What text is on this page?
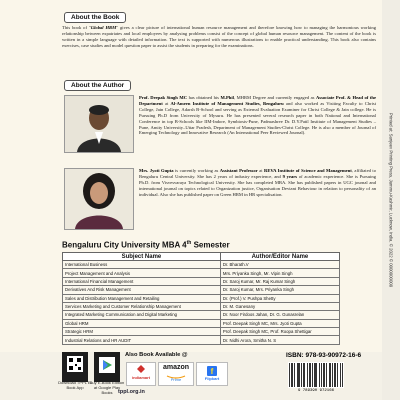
About the Book
This book of "Global HRM" gives a clear picture of international human resource management and therefore knowing how to managing the harmonious working relationship between expatriates and local employees by analysing problems consist of the concept of global human resource management. The content of the book is written in a simple language with detailed information. The text is supported with numerous illustrations to enable practical understanding. This book also contains exercises, case studies and model question paper to assist the students in preparing for the examinations.
About the Author
Prof. Deepak Singh MC has obtained his M.Phil, MHRM Degree and currently engaged as Associate Prof. & Head of the Department at Al-Ameen Institute of Management Studies, Bengaluru and also worked as Visiting Faculty to Christ College, Jain College, Adarsh B-School and serving as External Evaluation Examiner for Christ College & Jain college. He is Pursuing Ph.D from University of Mysuru. He has presented several research paper in both National and International Conference in top B-Schools like IIM-Indore, Symbiosis-Pune, Padmashree Dr. D.Y.Patil Institute of Management Studies –Pune, Amity University–Uttar Pradesh, Department of Management Studies-Christ College. He is also a member of Journal of Emerging Technology and Innovative Research (An International Peer Reviewed Journal).
Mrs. Jyoti Gupta is currently working as Assistant Professor at REVA Institute of Science and Management, affiliated to Bengaluru Central University. She has 2 years of industry experience, and 9 years of academic experience. She is Pursuing Ph.D. from Visvesvaraya Technological University. She has completed MBA. She has published papers in UGC journal and international journal on topics related to Organization justice, Organisation Deviant Behaviour in relation to personality of an individual. Also she has published paper on Green HRM in HR specialisation.
Bengaluru City University MBA 4th Semester
Subject Name	Author/Editor Name
International Business	Dr. Bharath.V
Project Management and Analysis	Mrs. Priyanka Singh, Mr. Vipin Singh
International Financial Management	Dr. Saroj Kumar, Mr. Raj Kumar Singh
Derivatives And Risk Management	Dr. Saroj Kumar, Mrs. Priyanka Singh
Sales and Distribution Management and Retailing	Dr. (Prof.) V. Pushpa Shetty
Services Marketing and Customer Relationship Management	Dr. M. Ganesany
Integrated Marketing Communication and Digital Marketing	Dr. Noor Firdoos Jahan, Dr. G. Gunasrelan
Global HRM	Prof. Deepak Singh MC, Mrs. Jyoti Gupta
Strategic HRM	Prof. Deepak Singh MC, Prof. Roopa Shettigar
Industrial Relations and HR AUDIT	Dr. Nidhi Arora, Smitha N. S
Printed at: Sanjeev Printing Press, Jammu-Kashmir, Lucknow, India. © 2022 © 0000000000
Download TPPL E-Book App
Buy E-Book Edition at Google Play Books
Also Book Available @
indiamart
amazon
Prime
f
Flipkart
tppl.org.in
ISBN: 978-93-90972-16-6
9 789390 972166
